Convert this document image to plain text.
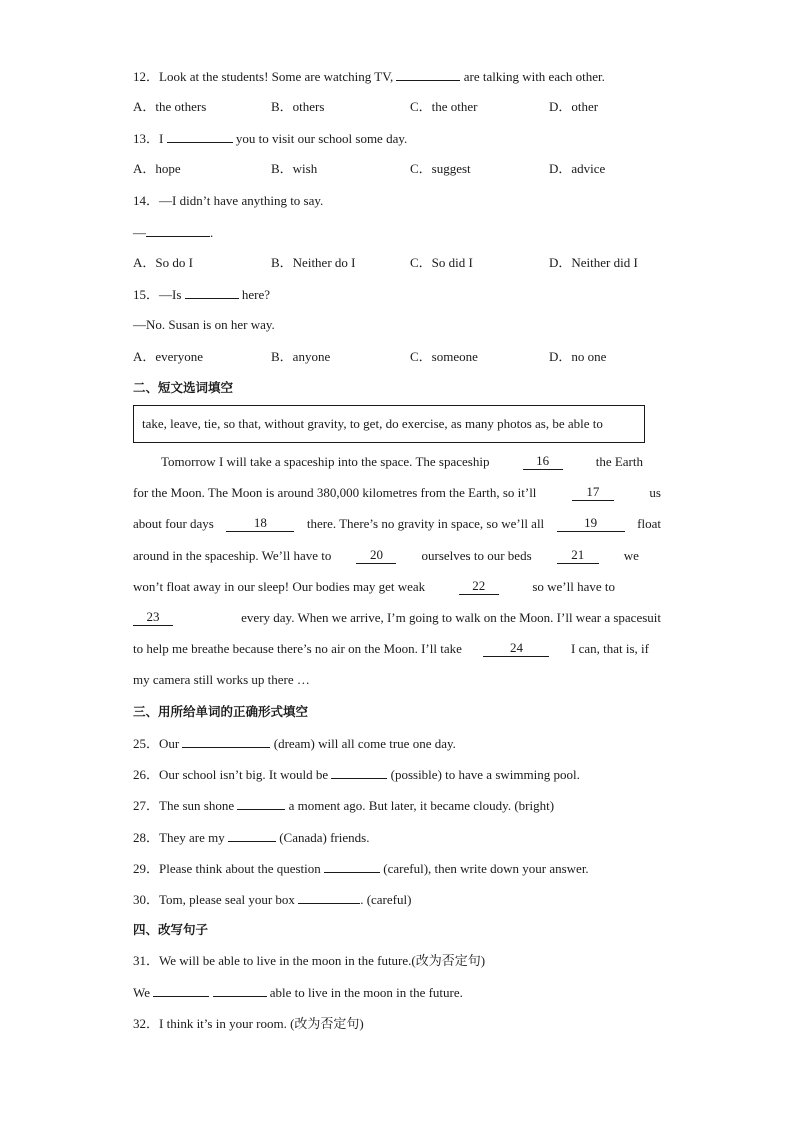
12．Look at the students! Some are watching TV,	are talking with each other.
A．the others	B．others	C．the other	D．other
13．I	you to visit our school some day.
A．hope	B．wish	C．suggest	D．advice
14．—I didn’t have anything to say.
—	.
A．So do I	B．Neither do I	C．So did I	D．Neither did I
15．—Is	here?
—No. Susan is on her way.
A．everyone	B．anyone	C．someone	D．no one
二、短文选词填空
take, leave, tie, so that, without gravity, to get, do exercise, as many photos as, be able to
Tomorrow I will take a spaceship into the space. The spaceship	16	the Earth
for the Moon. The Moon is around 380,000 kilometres from the Earth, so it’ll	17	us
about four days	18	there. There’s no gravity in space, so we’ll all	19	float
around in the spaceship. We’ll have to	20	ourselves to our beds	21	we
won’t float away in our sleep! Our bodies may get weak	22	so we’ll have to
23	every day. When we arrive, I’m going to walk on the Moon. I’ll wear a spacesuit
to help me breathe because there’s no air on the Moon. I’ll take	24	I can, that is, if
my camera still works up there …
三、用所给单词的正确形式填空
25．Our	(dream) will all come true one day.
26．Our school isn’t big. It would be	(possible) to have a swimming pool.
27．The sun shone	a moment ago. But later, it became cloudy. (bright)
28．They are my	(Canada) friends.
29．Please think about the question	(careful), then write down your answer.
30．Tom, please seal your box	. (careful)
四、改写句子
31．We will be able to live in the moon in the future.(改为否定句)
We	able to live in the moon in the future.
32．I think it’s in your room. (改为否定句)
